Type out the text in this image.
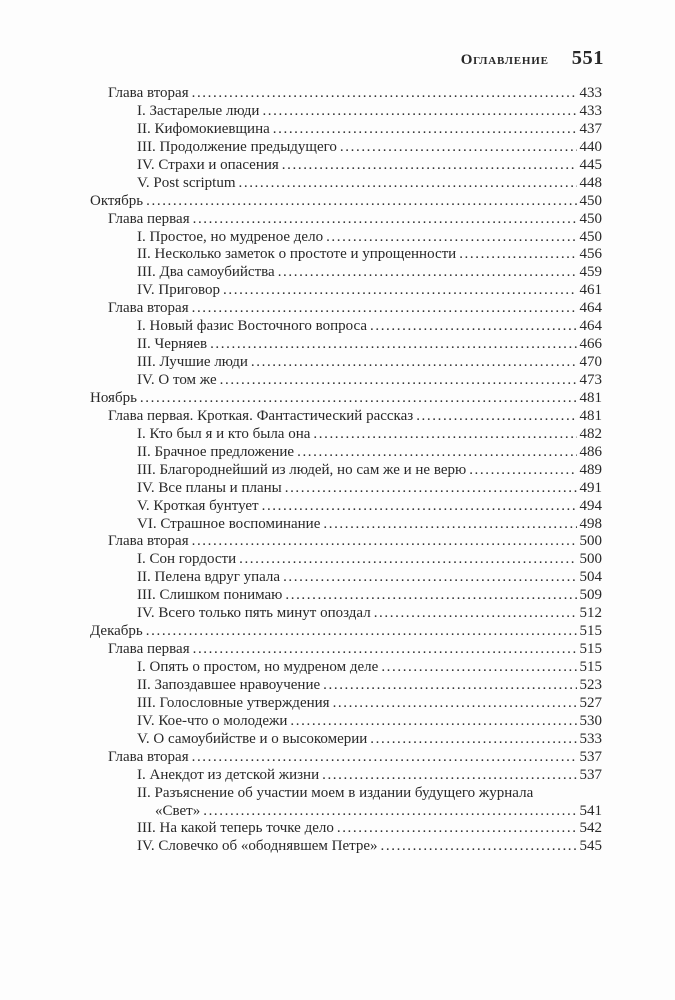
Оглавление 551
Глава вторая .....	433
I. Застарелые люди .....	433
II. Кифомокиевщина .....	437
III. Продолжение предыдущего .....	440
IV. Страхи и опасения .....	445
V. Post scriptum .....	448
Октябрь .....	450
Глава первая .....	450
I. Простое, но мудреное дело .....	450
II. Несколько заметок о простоте и упрощенности .....	456
III. Два самоубийства .....	459
IV. Приговор .....	461
Глава вторая .....	464
I. Новый фазис Восточного вопроса .....	464
II. Черняев .....	466
III. Лучшие люди .....	470
IV. О том же .....	473
Ноябрь .....	481
Глава первая. Кроткая. Фантастический рассказ .....	481
I. Кто был я и кто была она .....	482
II. Брачное предложение .....	486
III. Благороднейший из людей, но сам же и не верю .....	489
IV. Все планы и планы .....	491
V. Кроткая бунтует .....	494
VI. Страшное воспоминание .....	498
Глава вторая .....	500
I. Сон гордости .....	500
II. Пелена вдруг упала .....	504
III. Слишком понимаю .....	509
IV. Всего только пять минут опоздал .....	512
Декабрь .....	515
Глава первая .....	515
I. Опять о простом, но мудреном деле .....	515
II. Запоздавшее нравоучение .....	523
III. Голословные утверждения .....	527
IV. Кое-что о молодежи .....	530
V. О самоубийстве и о высокомерии .....	533
Глава вторая .....	537
I. Анекдот из детской жизни .....	537
II. Разъяснение об участии моем в издании будущего журнала
«Свет» .....	541
III. На какой теперь точке дело .....	542
IV. Словечко об «ободнявшем Петре» .....	545
